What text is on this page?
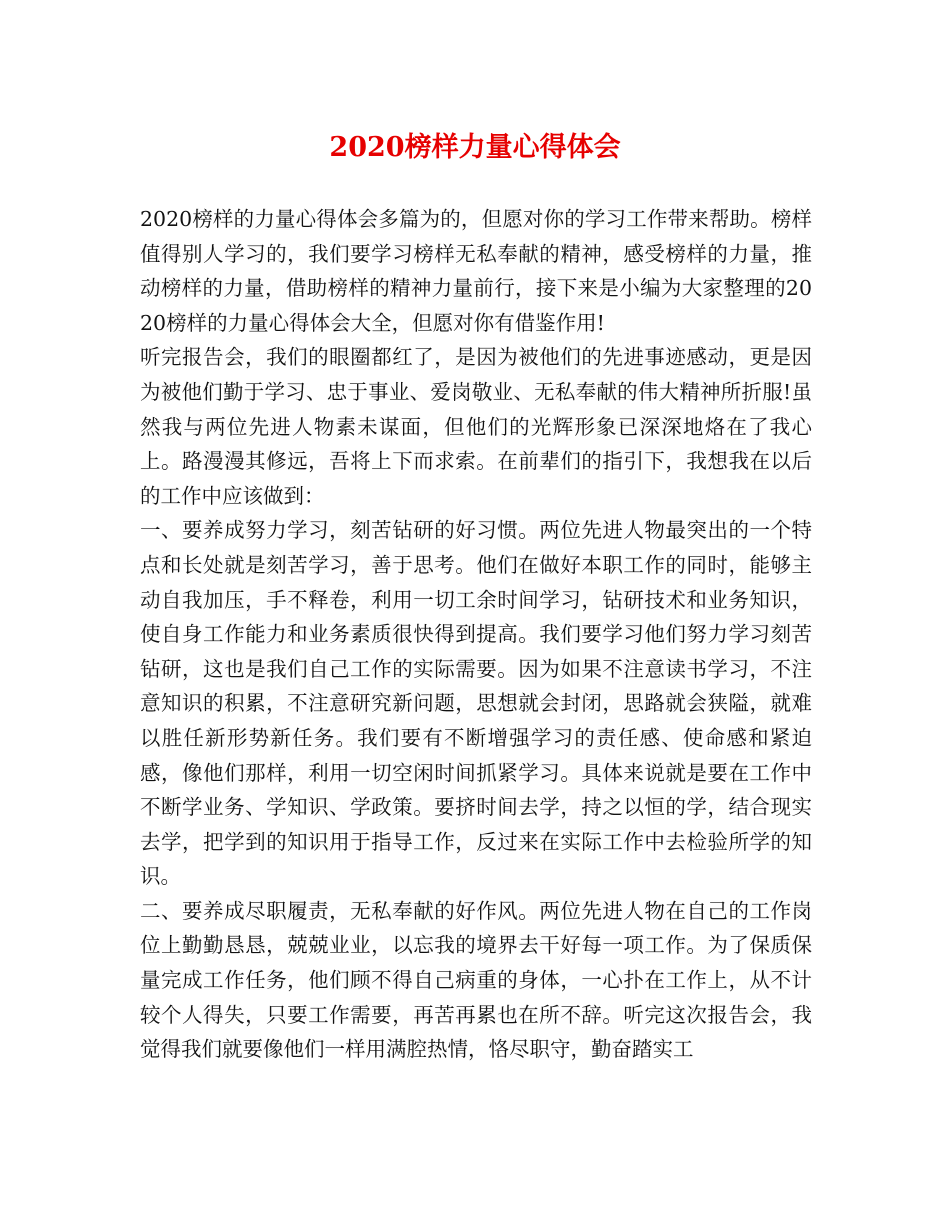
2020榜样力量心得体会

2020榜样的力量心得体会多篇为的，但愿对你的学习工作带来帮助。榜样值得别人学习的，我们要学习榜样无私奉献的精神，感受榜样的力量，推动榜样的力量，借助榜样的精神力量前行，接下来是小编为大家整理的2020榜样的力量心得体会大全，但愿对你有借鉴作用!

听完报告会，我们的眼圈都红了，是因为被他们的先进事迹感动，更是因为被他们勤于学习、忠于事业、爱岗敬业、无私奉献的伟大精神所折服!虽然我与两位先进人物素未谋面，但他们的光辉形象已深深地烙在了我心上。路漫漫其修远，吾将上下而求索。在前辈们的指引下，我想我在以后的工作中应该做到：

一、要养成努力学习，刻苦钻研的好习惯。两位先进人物最突出的一个特点和长处就是刻苦学习，善于思考。他们在做好本职工作的同时，能够主动自我加压，手不释卷，利用一切工余时间学习，钻研技术和业务知识，使自身工作能力和业务素质很快得到提高。我们要学习他们努力学习刻苦钻研，这也是我们自己工作的实际需要。因为如果不注意读书学习，不注意知识的积累，不注意研究新问题，思想就会封闭，思路就会狭隘，就难以胜任新形势新任务。我们要有不断增强学习的责任感、使命感和紧迫感，像他们那样，利用一切空闲时间抓紧学习。具体来说就是要在工作中不断学业务、学知识、学政策。要挤时间去学，持之以恒的学，结合现实去学，把学到的知识用于指导工作，反过来在实际工作中去检验所学的知识。

二、要养成尽职履责，无私奉献的好作风。两位先进人物在自己的工作岗位上勤勤恳恳，兢兢业业，以忘我的境界去干好每一项工作。为了保质保量完成工作任务，他们顾不得自己病重的身体，一心扑在工作上，从不计较个人得失，只要工作需要，再苦再累也在所不辞。听完这次报告会，我觉得我们就要像他们一样用满腔热情，恪尽职守，勤奋踏实工
